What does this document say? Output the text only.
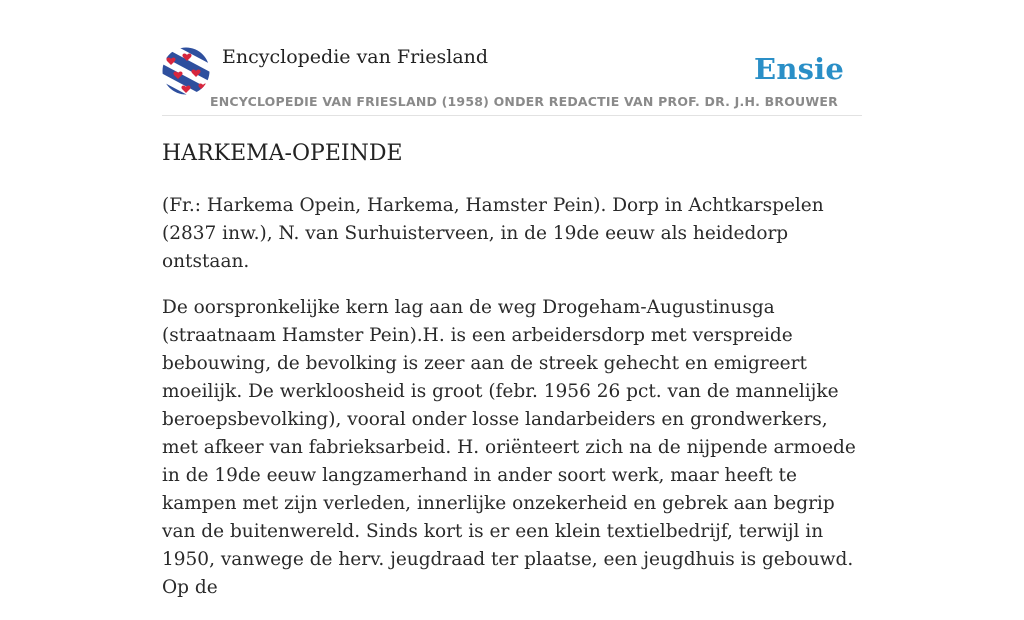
Encyclopedie van Friesland	Ensie
ENCYCLOPEDIE VAN FRIESLAND (1958) ONDER REDACTIE VAN PROF. DR. J.H. BROUWER
HARKEMA-OPEINDE

(Fr.: Harkema Opein, Harkema, Hamster Pein). Dorp in Achtkarspelen (2837 inw.), N. van Surhuisterveen, in de 19de eeuw als heidedorp ontstaan.

De oorspronkelijke kern lag aan de weg Drogeham-Augustinusga (straatnaam Hamster Pein).H. is een arbeidersdorp met verspreide bebouwing, de bevolking is zeer aan de streek gehecht en emigreert moeilijk. De werkloosheid is groot (febr. 1956 26 pct. van de mannelijke beroepsbevolking), vooral onder losse landarbeiders en grondwerkers, met afkeer van fabrieksarbeid. H. oriënteert zich na de nijpende armoede in de 19de eeuw langzamerhand in ander soort werk, maar heeft te kampen met zijn verleden, innerlijke onzekerheid en gebrek aan begrip van de buitenwereld. Sinds kort is er een klein textielbedrijf, terwijl in 1950, vanwege de herv. jeugdraad ter plaatse, een jeugdhuis is gebouwd. Op de
